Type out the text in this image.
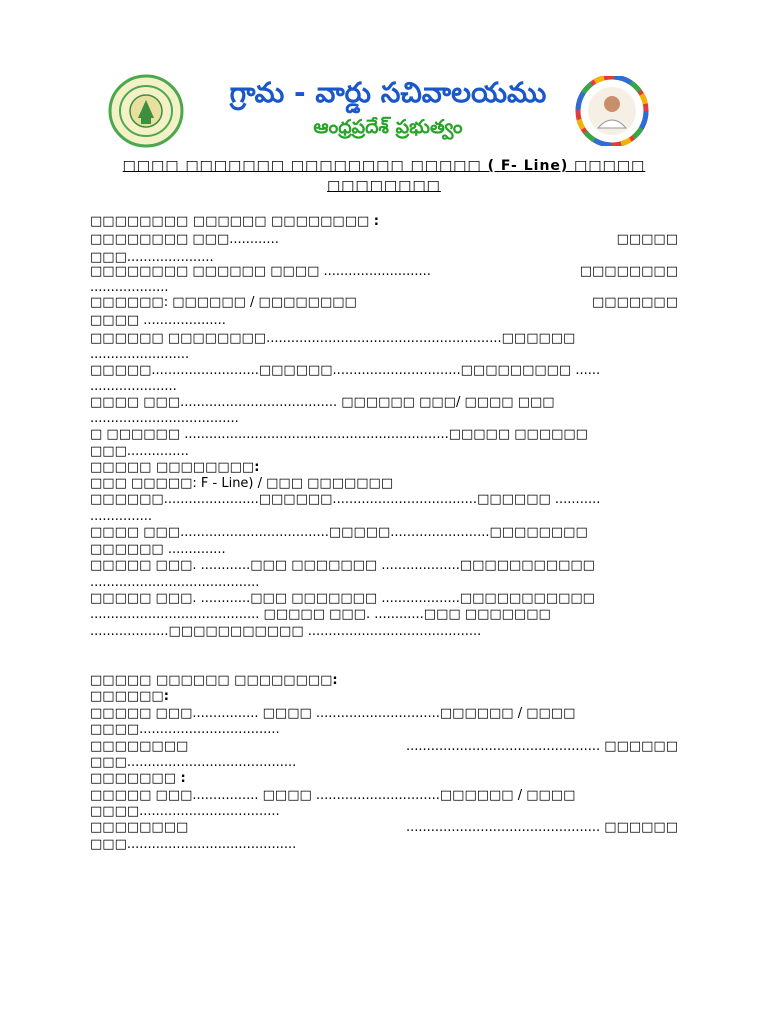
గ్రామ - వార్డు సచివాలయము
ఆంధ్రప్రదేశ్ ప్రభుత్వం
□□□□ □□□□□□□ □□□□□□□□ □□□□□ ( F- Line) □□□□□
□□□□□□□□
□□□□□□□□ □□□□□□ □□□□□□□□ :
□□□□□□□□ □□□............	□□□□□
□□□.....................
□□□□□□□□ □□□□□□ □□□□ ..........................	□□□□□□□□
...................
□□□□□□: □□□□□□ / □□□□□□□□	□□□□□□□
□□□□ ....................
□□□□□□ □□□□□□□□.........................................................□□□□□□
........................
□□□□□..........................□□□□□□...............................□□□□□□□□□ ......
.....................
□□□□ □□□...................................... □□□□□□ □□□/ □□□□ □□□
....................................
□ □□□□□□ ................................................................□□□□□ □□□□□□
□□□...............
□□□□□ □□□□□□□□:
□□□ □□□□□: F - Line) / □□□ □□□□□□□
□□□□□□.......................□□□□□□...................................□□□□□□ ...........
...............
□□□□ □□□....................................□□□□□........................□□□□□□□□
□□□□□□ ..............
□□□□□ □□□. ............□□□ □□□□□□□ ...................□□□□□□□□□□□
.........................................
□□□□□ □□□. ............□□□ □□□□□□□ ...................□□□□□□□□□□□
......................................... □□□□□ □□□. ............□□□ □□□□□□□
...................□□□□□□□□□□□ ..........................................
□□□□□ □□□□□□ □□□□□□□□:
□□□□□□:
□□□□□ □□□................ □□□□ ..............................□□□□□□ / □□□□
□□□□..................................
□□□□□□□□	............................................... □□□□□□
□□□.........................................
□□□□□□□ :
□□□□□ □□□................ □□□□ ..............................□□□□□□ / □□□□
□□□□..................................
□□□□□□□□	............................................... □□□□□□
□□□.........................................
